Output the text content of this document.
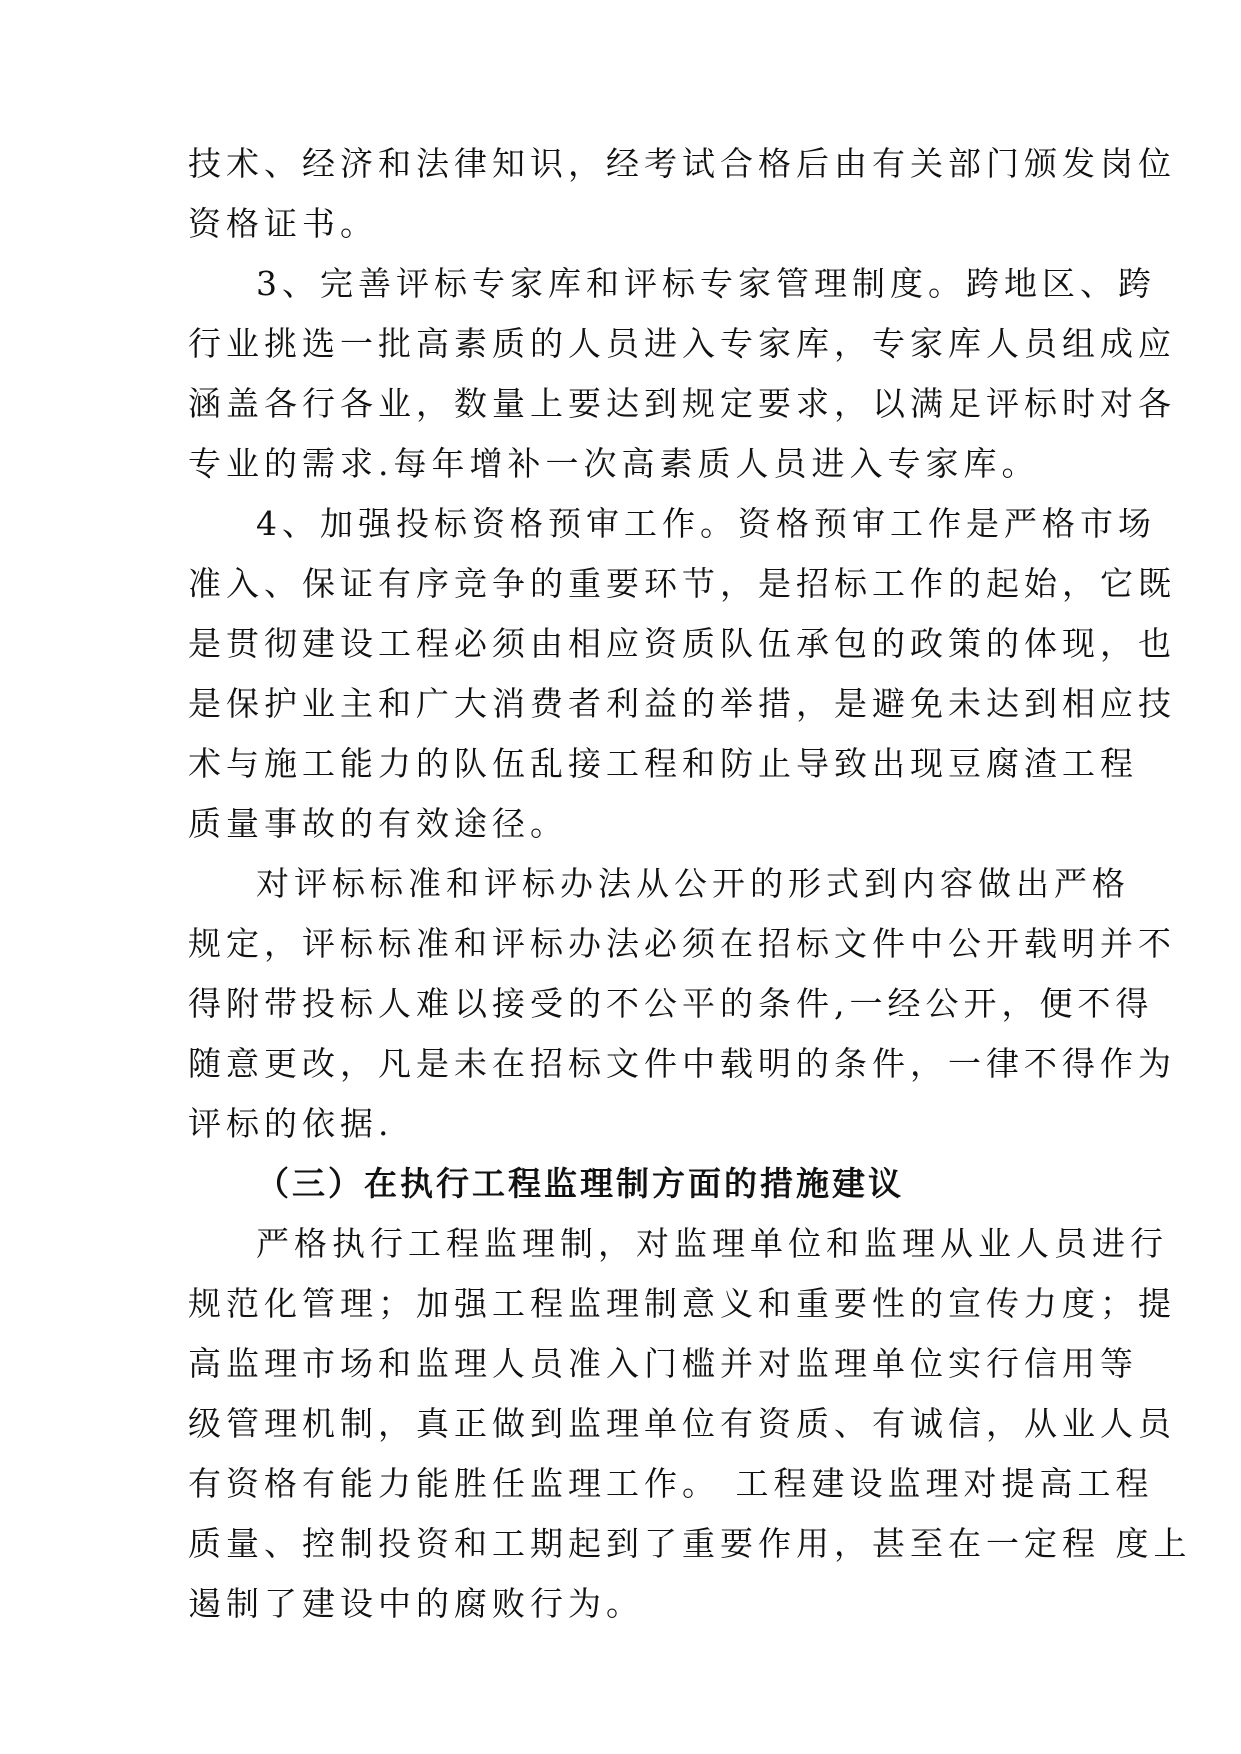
技术、经济和法律知识，经考试合格后由有关部门颁发岗位

资格证书。

3、完善评标专家库和评标专家管理制度。跨地区、跨

行业挑选一批高素质的人员进入专家库，专家库人员组成应

涵盖各行各业，数量上要达到规定要求，以满足评标时对各

专业的需求.每年增补一次高素质人员进入专家库。

4、加强投标资格预审工作。资格预审工作是严格市场

准入、保证有序竞争的重要环节，是招标工作的起始，它既

是贯彻建设工程必须由相应资质队伍承包的政策的体现，也

是保护业主和广大消费者利益的举措，是避免未达到相应技

术与施工能力的队伍乱接工程和防止导致出现豆腐渣工程

质量事故的有效途径。

对评标标准和评标办法从公开的形式到内容做出严格

规定，评标标准和评标办法必须在招标文件中公开载明并不

得附带投标人难以接受的不公平的条件,一经公开，便不得

随意更改，凡是未在招标文件中载明的条件，一律不得作为

评标的依据.

（三）在执行工程监理制方面的措施建议

严格执行工程监理制，对监理单位和监理从业人员进行

规范化管理；加强工程监理制意义和重要性的宣传力度；提

高监理市场和监理人员准入门槛并对监理单位实行信用等

级管理机制，真正做到监理单位有资质、有诚信，从业人员

有资格有能力能胜任监理工作。 工程建设监理对提高工程

质量、控制投资和工期起到了重要作用，甚至在一定程 度上

遏制了建设中的腐败行为。
